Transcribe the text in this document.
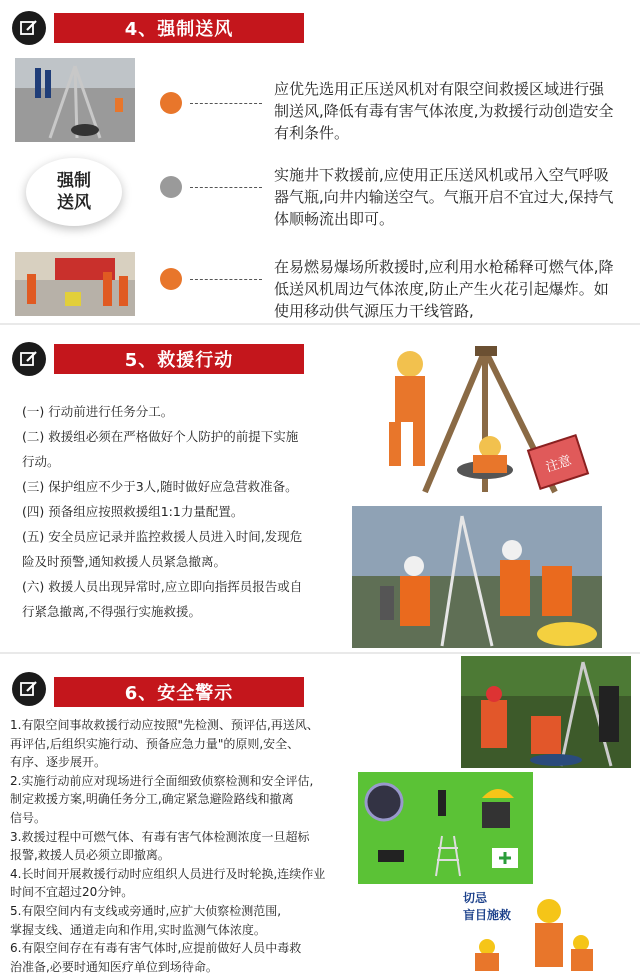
4、强制送风
强制
送风
应优先选用正压送风机对有限空间救援区域进行强制送风,降低有毒有害气体浓度,为救援行动创造安全有利条件。
实施井下救援前,应使用正压送风机或吊入空气呼吸器气瓶,向井内输送空气。气瓶开启不宜过大,保持气体顺畅流出即可。
在易燃易爆场所救援时,应利用水枪稀释可燃气体,降低送风机周边气体浓度,防止产生火花引起爆炸。如使用移动供气源压力干线管路,
5、救援行动
(一) 行动前进行任务分工。
(二) 救援组必须在严格做好个人防护的前提下实施
行动。
(三) 保护组应不少于3人,随时做好应急营救准备。
(四) 预备组应按照救援组1:1力量配置。
(五) 安全员应记录并监控救援人员进入时间,发现危
险及时预警,通知救援人员紧急撤离。
(六) 救援人员出现异常时,应立即向指挥员报告或自
行紧急撤离,不得强行实施救援。
注意
6、安全警示
1.有限空间事故救援行动应按照"先检测、预评估,再送风、
再评估,后组织实施行动、预备应急力量"的原则,安全、
有序、逐步展开。
2.实施行动前应对现场进行全面细致侦察检测和安全评估,
制定救援方案,明确任务分工,确定紧急避险路线和撤离
信号。
3.救援过程中可燃气体、有毒有害气体检测浓度一旦超标
报警,救援人员必须立即撤离。
4.长时间开展救援行动时应组织人员进行及时轮换,连续作业
时间不宜超过20分钟。
5.有限空间内有支线或旁通时,应扩大侦察检测范围,
掌握支线、通道走向和作用,实时监测气体浓度。
6.有限空间存在有毒有害气体时,应提前做好人员中毒救
治准备,必要时通知医疗单位到场待命。
切忌
盲目施救
